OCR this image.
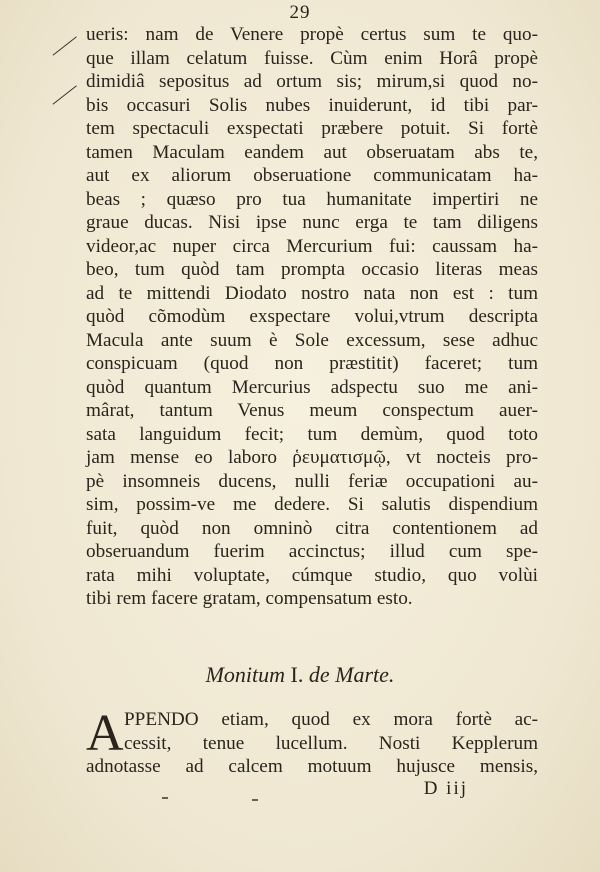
29
ueris: nam de Venere propè certus sum te quo-
que illam celatum fuisse. Cùm enim Horâ propè
dimidiâ sepositus ad ortum sis; mirum,si quod no-
bis occasuri Solis nubes inuiderunt, id tibi par-
tem spectaculi exspectati præbere potuit. Si fortè
tamen Maculam eandem aut obseruatam abs te,
aut ex aliorum obseruatione communicatam ha-
beas ; quæso pro tua humanitate impertiri ne
graue ducas. Nisi ipse nunc erga te tam diligens
videor,ac nuper circa Mercurium fui: caussam ha-
beo, tum quòd tam prompta occasio literas meas
ad te mittendi Diodato nostro nata non est : tum
quòd cõmodùm exspectare volui,vtrum descripta
Macula ante suum è Sole excessum, sese adhuc
conspicuam (quod non præstitit) faceret; tum
quòd quantum Mercurius adspectu suo me ani-
mârat, tantum Venus meum conspectum auer-
sata languidum fecit; tum demùm, quod toto
jam mense eo laboro ῥευματισμῷ, vt nocteis pro-
pè insomneis ducens, nulli feriæ occupationi au-
sim, possim-ve me dedere. Si salutis dispendium
fuit, quòd non omninò citra contentionem ad
obseruandum fuerim accinctus; illud cum spe-
rata mihi voluptate, cúmque studio, quo volùi
tibi rem facere gratam, compensatum esto.
Monitum I. de Marte.
A PPENDO etiam, quod ex mora fortè ac-
cessit, tenue lucellum. Nosti Kepplerum
adnotasse ad calcem motuum hujusce mensis,
D iij
